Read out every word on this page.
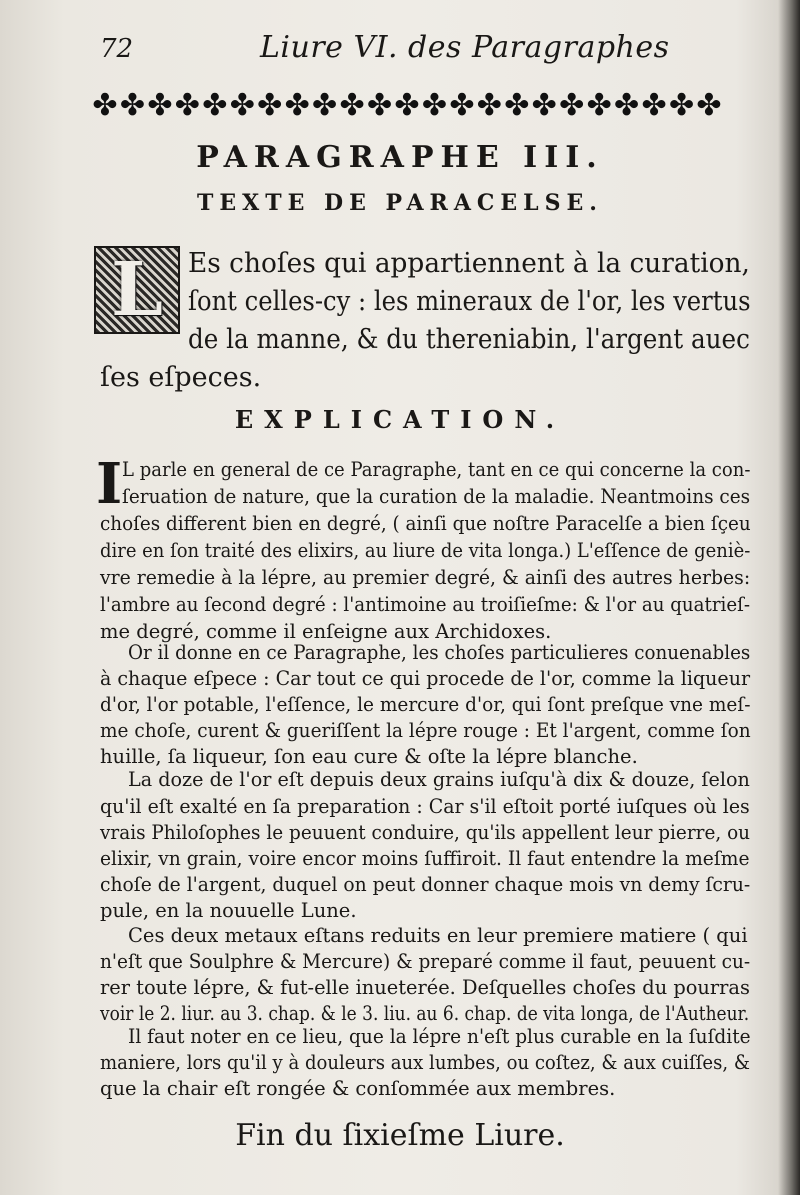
72	Liure VI. des Paragraphes
✤ ✤ ✤ ✤ ✤ ✤ ✤ ✤ ✤ ✤ ✤ ✤ ✤ ✤ ✤ ✤ ✤ ✤ ✤ ✤ ✤ ✤ ✤
PARAGRAPHE III.
TEXTE DE PARACELSE.
L Es choſes qui appartiennent à la curation,
ſont celles-cy : les mineraux de l'or, les vertus
de la manne, & du thereniabin, l'argent auec
ſes eſpeces.
EXPLICATION.
I L parle en general de ce Paragraphe, tant en ce qui concerne la con-
ſeruation de nature, que la curation de la maladie. Neantmoins ces
choſes different bien en degré, ( ainſi que noſtre Paracelſe a bien ſçeu
dire en ſon traité des elixirs, au liure de vita longa.) L'eſſence de geniè-
vre remedie à la lépre, au premier degré, & ainſi des autres herbes:
l'ambre au ſecond degré : l'antimoine au troiſieſme: & l'or au quatrieſ-
me degré, comme il enſeigne aux Archidoxes.
Or il donne en ce Paragraphe, les choſes particulieres conuenables
à chaque eſpece : Car tout ce qui procede de l'or, comme la liqueur
d'or, l'or potable, l'eſſence, le mercure d'or, qui ſont preſque vne meſ-
me choſe, curent & gueriſſent la lépre rouge : Et l'argent, comme ſon
huille, ſa liqueur, ſon eau cure & oſte la lépre blanche.
La doze de l'or eſt depuis deux grains iuſqu'à dix & douze, ſelon
qu'il eſt exalté en ſa preparation : Car s'il eſtoit porté iuſques où les
vrais Philoſophes le peuuent conduire, qu'ils appellent leur pierre, ou
elixir, vn grain, voire encor moins ſuffiroit. Il faut entendre la meſme
choſe de l'argent, duquel on peut donner chaque mois vn demy ſcru-
pule, en la nouuelle Lune.
Ces deux metaux eſtans reduits en leur premiere matiere ( qui
n'eſt que Soulphre & Mercure) & preparé comme il faut, peuuent cu-
rer toute lépre, & fut-elle inueterée. Deſquelles choſes du pourras
voir le 2. liur. au 3. chap. & le 3. liu. au 6. chap. de vita longa, de l'Autheur.
Il faut noter en ce lieu, que la lépre n'eſt plus curable en la ſuſdite
maniere, lors qu'il y à douleurs aux lumbes, ou coſtez, & aux cuiſſes, &
que la chair eſt rongée & conſommée aux membres.
Fin du ſixieſme Liure.
